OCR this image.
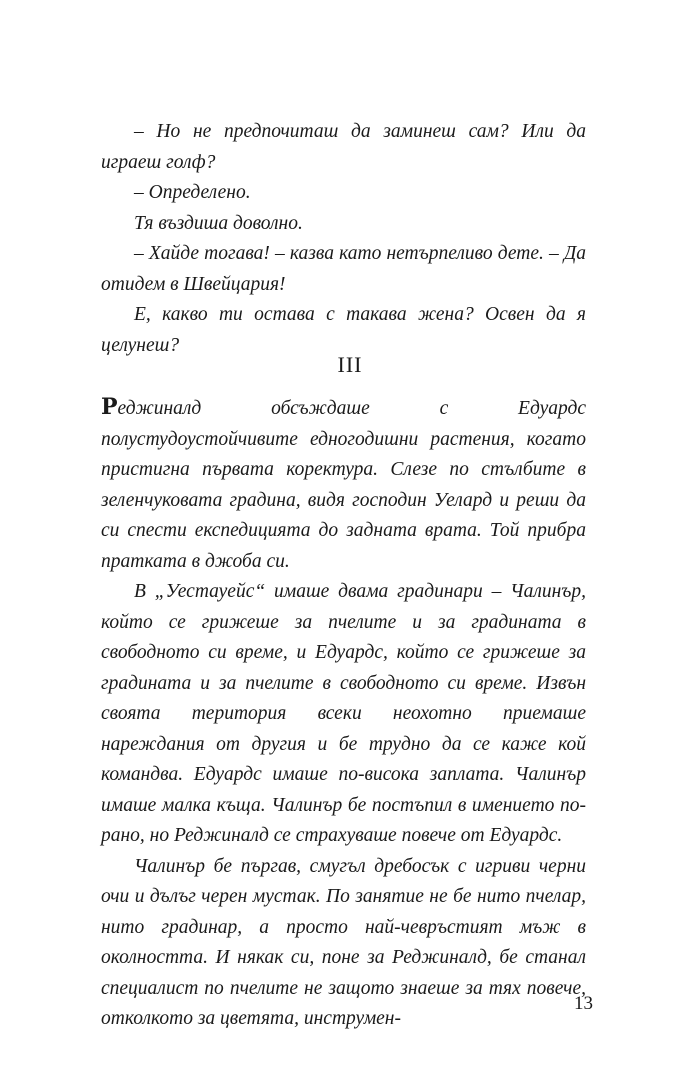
– Но не предпочиташ да заминеш сам? Или да играеш голф?

– Определено.

Тя въздиша доволно.

– Хайде тогава! – казва като нетърпеливо дете. – Да отидем в Швейцария!

Е, какво ти остава с такава жена? Освен да я целунеш?

III

Реджиналд обсъждаше с Едуардс полустудоустойчивите едногодишни растения, когато пристигна първата коректура. Слезе по стълбите в зеленчуковата градина, видя господин Уелард и реши да си спести експедицията до задната врата. Той прибра пратката в джоба си.

В „Уестауейс“ имаше двама градинари – Чалинър, който се грижеше за пчелите и за градината в свободното си време, и Едуардс, който се грижеше за градината и за пчелите в свободното си време. Извън своята територия всеки неохотно приемаше нареждания от другия и бе трудно да се каже кой командва. Едуардс имаше по-висока заплата. Чалинър имаше малка къща. Чалинър бе постъпил в имението по-рано, но Реджиналд се страхуваше повече от Едуардс.

Чалинър бе пъргав, смугъл дребосък с игриви черни очи и дълъг черен мустак. По занятие не бе нито пчелар, нито градинар, а просто най-чевръстият мъж в околността. И някак си, поне за Реджиналд, бе станал специалист по пчелите не защото знаеше за тях повече, отколкото за цветята, инструмен-

13
